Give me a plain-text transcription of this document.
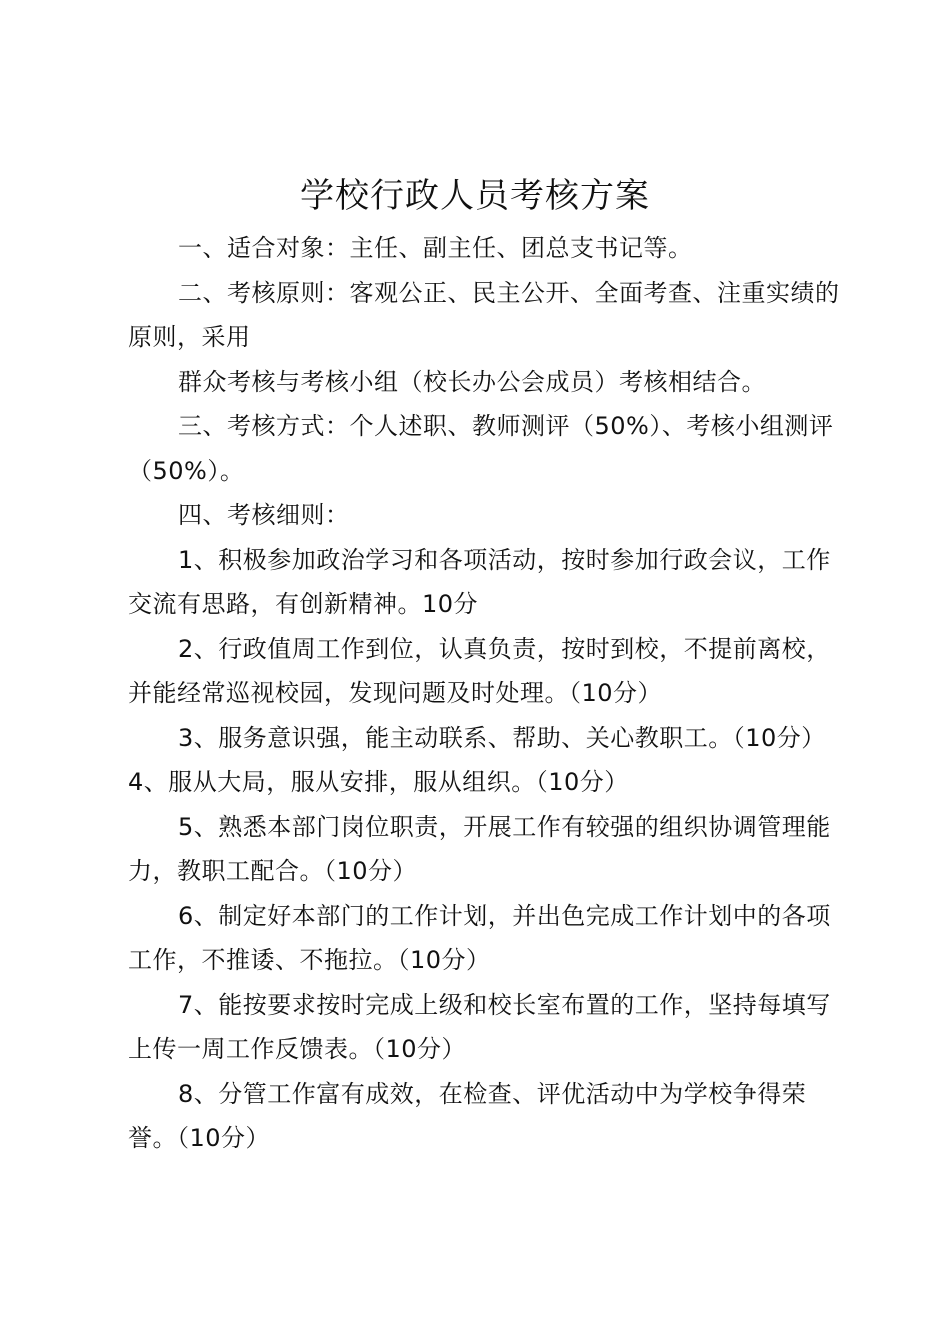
学校行政人员考核方案

一、适合对象：主任、副主任、团总支书记等。

二、考核原则：客观公正、民主公开、全面考查、注重实绩的原则，采用

群众考核与考核小组（校长办公会成员）考核相结合。

三、考核方式：个人述职、教师测评（50%）、考核小组测评（50%）。

四、考核细则：

1、积极参加政治学习和各项活动，按时参加行政会议，工作交流有思路，有创新精神。10分

2、行政值周工作到位，认真负责，按时到校，不提前离校，并能经常巡视校园，发现问题及时处理。（10分）

3、服务意识强，能主动联系、帮助、关心教职工。（10分）4、服从大局，服从安排，服从组织。（10分）

5、熟悉本部门岗位职责，开展工作有较强的组织协调管理能力，教职工配合。（10分）

6、制定好本部门的工作计划，并出色完成工作计划中的各项工作，不推诿、不拖拉。（10分）

7、能按要求按时完成上级和校长室布置的工作，坚持每填写上传一周工作反馈表。（10分）

8、分管工作富有成效，在检查、评优活动中为学校争得荣誉。（10分）
